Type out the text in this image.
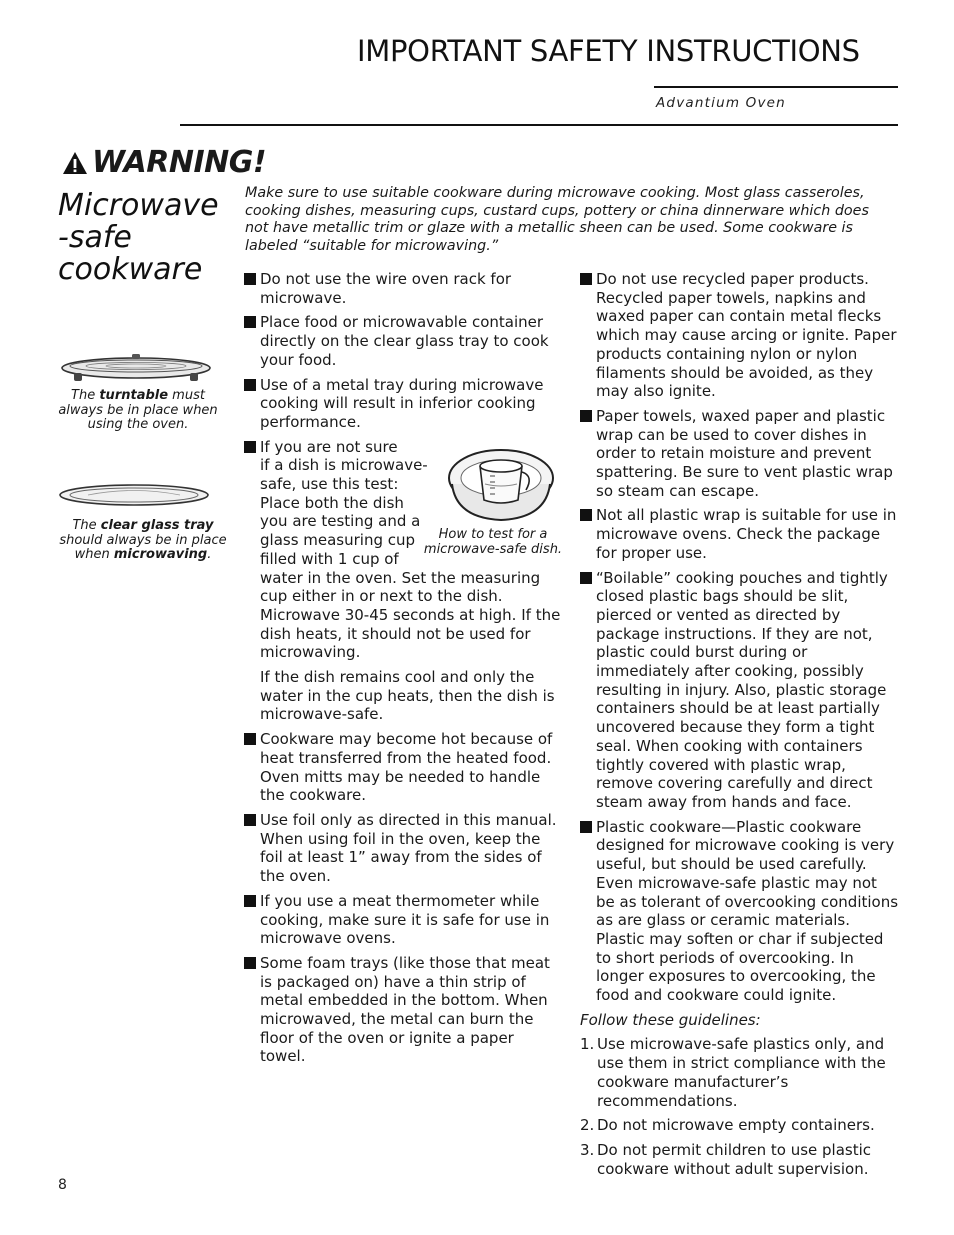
IMPORTANT SAFETY INSTRUCTIONS
Advantium Oven
WARNING!
Microwave -safe cookware
Make sure to use suitable cookware during microwave cooking. Most glass casseroles, cooking dishes, measuring cups, custard cups, pottery or china dinnerware which does not have metallic trim or glaze with a metallic sheen can be used. Some cookware is labeled “suitable for microwaving.”
The turntable must always be in place when using the oven.
The clear glass tray should always be in place when microwaving.
How to test for a microwave-safe dish.
Do not use the wire oven rack for microwave.
Place food or microwavable container directly on the clear glass tray to cook your food.
Use of a metal tray during microwave cooking will result in inferior cooking performance.
If you are not sure
if a dish is microwave-
safe, use this test:
Place both the dish
you are testing and a
glass measuring cup
filled with 1 cup of
water in the oven. Set the measuring cup either in or next to the dish. Microwave 30-45 seconds at high. If the dish heats, it should not be used for microwaving.
If the dish remains cool and only the water in the cup heats, then the dish is microwave-safe.
Cookware may become hot because of heat transferred from the heated food. Oven mitts may be needed to handle the cookware.
Use foil only as directed in this manual. When using foil in the oven, keep the foil at least 1” away from the sides of the oven.
If you use a meat thermometer while cooking, make sure it is safe for use in microwave ovens.
Some foam trays (like those that meat is packaged on) have a thin strip of metal embedded in the bottom. When microwaved, the metal can burn the floor of the oven or ignite a paper towel.
Do not use recycled paper products. Recycled paper towels, napkins and waxed paper can contain metal flecks which may cause arcing or ignite. Paper products containing nylon or nylon filaments should be avoided, as they may also ignite.
Paper towels, waxed paper and plastic wrap can be used to cover dishes in order to retain moisture and prevent spattering. Be sure to vent plastic wrap so steam can escape.
Not all plastic wrap is suitable for use in microwave ovens. Check the package for proper use.
“Boilable” cooking pouches and tightly closed plastic bags should be slit, pierced or vented as directed by package instructions. If they are not, plastic could burst during or immediately after cooking, possibly resulting in injury. Also, plastic storage containers should be at least partially uncovered because they form a tight seal. When cooking with containers tightly covered with plastic wrap, remove covering carefully and direct steam away from hands and face.
Plastic cookware—Plastic cookware designed for microwave cooking is very useful, but should be used carefully. Even microwave-safe plastic may not be as tolerant of overcooking conditions as are glass or ceramic materials. Plastic may soften or char if subjected to short periods of overcooking. In longer exposures to overcooking, the food and cookware could ignite.
Follow these guidelines:
1. Use microwave-safe plastics only, and use them in strict compliance with the cookware manufacturer’s recommendations.
2. Do not microwave empty containers.
3. Do not permit children to use plastic cookware without adult supervision.
8
